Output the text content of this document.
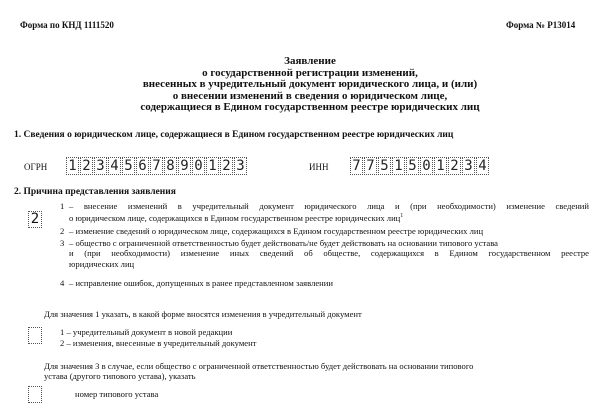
Форма по КНД 1111520	Форма № Р13014
Заявление
о государственной регистрации изменений,
внесенных в учредительный документ юридического лица, и (или)
о внесении изменений в сведения о юридическом лице,
содержащиеся в Едином государственном реестре юридических лиц
1. Сведения о юридическом лице, содержащиеся в Едином государственном реестре юридических лиц
ОГРН 1 2 3 4 5 6 7 8 9 0 1 2 3	ИНН 7 7 5 1 5 0 1 2 3 4
2. Причина представления заявления
2
1 – внесение изменений в учредительный документ юридического лица и (при необходимости) изменение сведений
о юридическом лице, содержащихся в Едином государственном реестре юридических лиц$^1$
2 – изменение сведений о юридическом лице, содержащихся в Едином государственном реестре юридических лиц
3 – общество с ограниченной ответственностью будет действовать/не будет действовать на основании типового устава
и (при необходимости) изменение иных сведений об обществе, содержащихся в Едином государственном реестре
юридических лиц
4 – исправление ошибок, допущенных в ранее представленном заявлении
Для значения 1 указать, в какой форме вносятся изменения в учредительный документ
1 – учредительный документ в новой редакции
2 – изменения, внесенные в учредительный документ
Для значения 3 в случае, если общество с ограниченной ответственностью будет действовать на основании типового
устава (другого типового устава), указать
номер типового устава
